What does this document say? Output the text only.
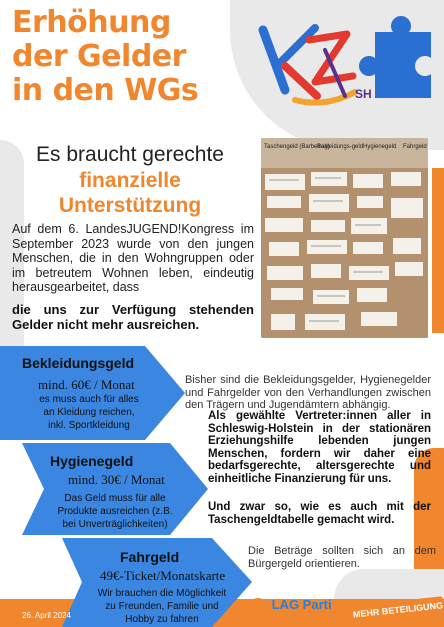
Erhöhung
der Gelder
in den WGs	SH
Es braucht gerechte
finanzielle
Unterstützung
Auf dem 6. LandesJUGEND!Kongress im September 2023 wurde von den jungen Menschen, die in den Wohngruppen oder im betreutem Wohnen leben, eindeutig herausgearbeitet, dass
die uns zur Verfügung stehenden Gelder nicht mehr ausreichen.
Taschengeld (Barbetrag)
Bekleidungs-geld Hygienegeld Fahrgeld
Bekleidungsgeld
mind. 60€ / Monat
es muss auch für alles
an Kleidung reichen,
inkl. Sportkleidung
Hygienegeld
mind. 30€ / Monat
Das Geld muss für alle
Produkte ausreichen (z.B.
bei Unverträglichkeiten)
Fahrgeld
49€-Ticket/Monatskarte
Wir brauchen die Möglichkeit
zu Freunden, Familie und
Hobby zu fahren
Bisher sind die Bekleidungsgelder, Hygienegelder und Fahrgelder von den Verhandlungen zwischen den Trägern und Jugendämtern abhängig.
Als gewählte Vertreter:innen aller in Schleswig-Holstein in der stationären Erziehungshilfe lebenden jungen Menschen, fordern wir daher eine bedarfsgerechte, altersgerechte und einheitliche Finanzierung für uns.
Und zwar so, wie es auch mit der Taschengeldtabelle gemacht wird.
Die Beträge sollten sich an dem Bürgergeld orientieren.
26. April 2024
LAG Parti MEHR BETEILIGUNG
